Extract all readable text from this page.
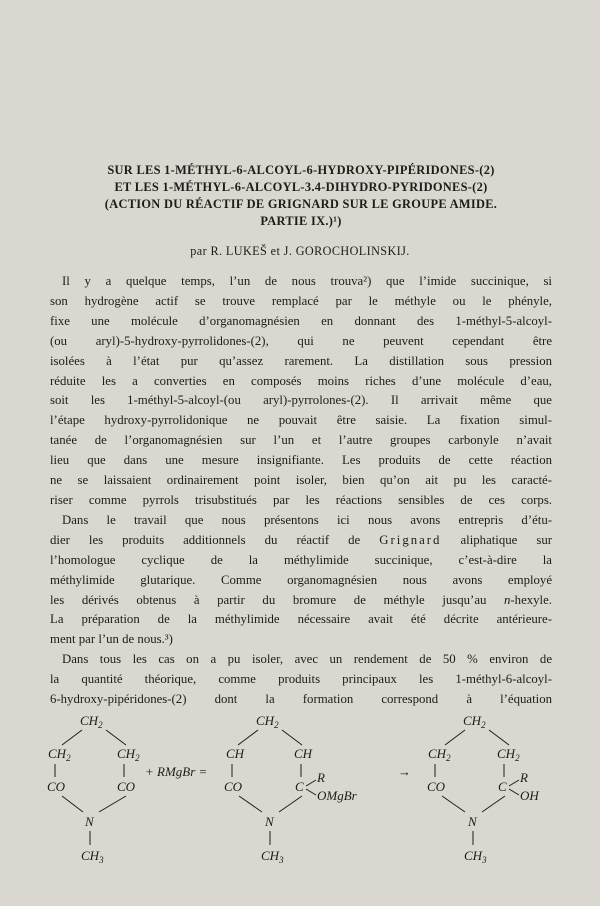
SUR LES 1-MÉTHYL-6-ALCOYL-6-HYDROXY-PIPÉRIDONES-(2)
ET LES 1-MÉTHYL-6-ALCOYL-3.4-DIHYDRO-PYRIDONES-(2)
(ACTION DU RÉACTIF DE GRIGNARD SUR LE GROUPE AMIDE.
PARTIE IX.)¹)
par R. LUKEŠ et J. GOROCHOLINSKIJ.

Il y a quelque temps, l’un de nous trouva²) que l’imide succinique, si
son hydrogène actif se trouve remplacé par le méthyle ou le phényle,
fixe une molécule d’organomagnésien en donnant des 1-méthyl-5-alcoyl-
(ou aryl)-5-hydroxy-pyrrolidones-(2), qui ne peuvent cependant être
isolées à l’état pur qu’assez rarement. La distillation sous pression
réduite les a converties en composés moins riches d’une molécule d’eau,
soit les 1-méthyl-5-alcoyl-(ou aryl)-pyrrolones-(2). Il arrivait même que
l’étape hydroxy-pyrrolidonique ne pouvait être saisie. La fixation simul-
tanée de l’organomagnésien sur l’un et l’autre groupes carbonyle n’avait
lieu que dans une mesure insignifiante. Les produits de cette réaction
ne se laissaient ordinairement point isoler, bien qu’on ait pu les caracté-
riser comme pyrrols trisubstitués par les réactions sensibles de ces corps.

Dans le travail que nous présentons ici nous avons entrepris d’étu-
dier les produits additionnels du réactif de Grignard aliphatique sur
l’homologue cyclique de la méthylimide succinique, c’est-à-dire la
méthylimide glutarique. Comme organomagnésien nous avons employé
les dérivés obtenus à partir du bromure de méthyle jusqu’au n-hexyle.
La préparation de la méthylimide nécessaire avait été décrite antérieure-
ment par l’un de nous.³)

Dans tous les cas on a pu isoler, avec un rendement de 50 % environ de
la quantité théorique, comme produits principaux les 1-méthyl-6-alcoyl-
6-hydroxy-pipéridones-(2) dont la formation correspond à l’équation

$CH_2$
$CH_2$	$CH_2$
CO	CO
N
$CH_3$
+ RMgBr =
$CH_2$
CH	CH
CO	C
R
OMgBr
N
$CH_3$
→
$CH_2$
$CH_2$	$CH_2$
CO	C
R
OH
N
$CH_3$
